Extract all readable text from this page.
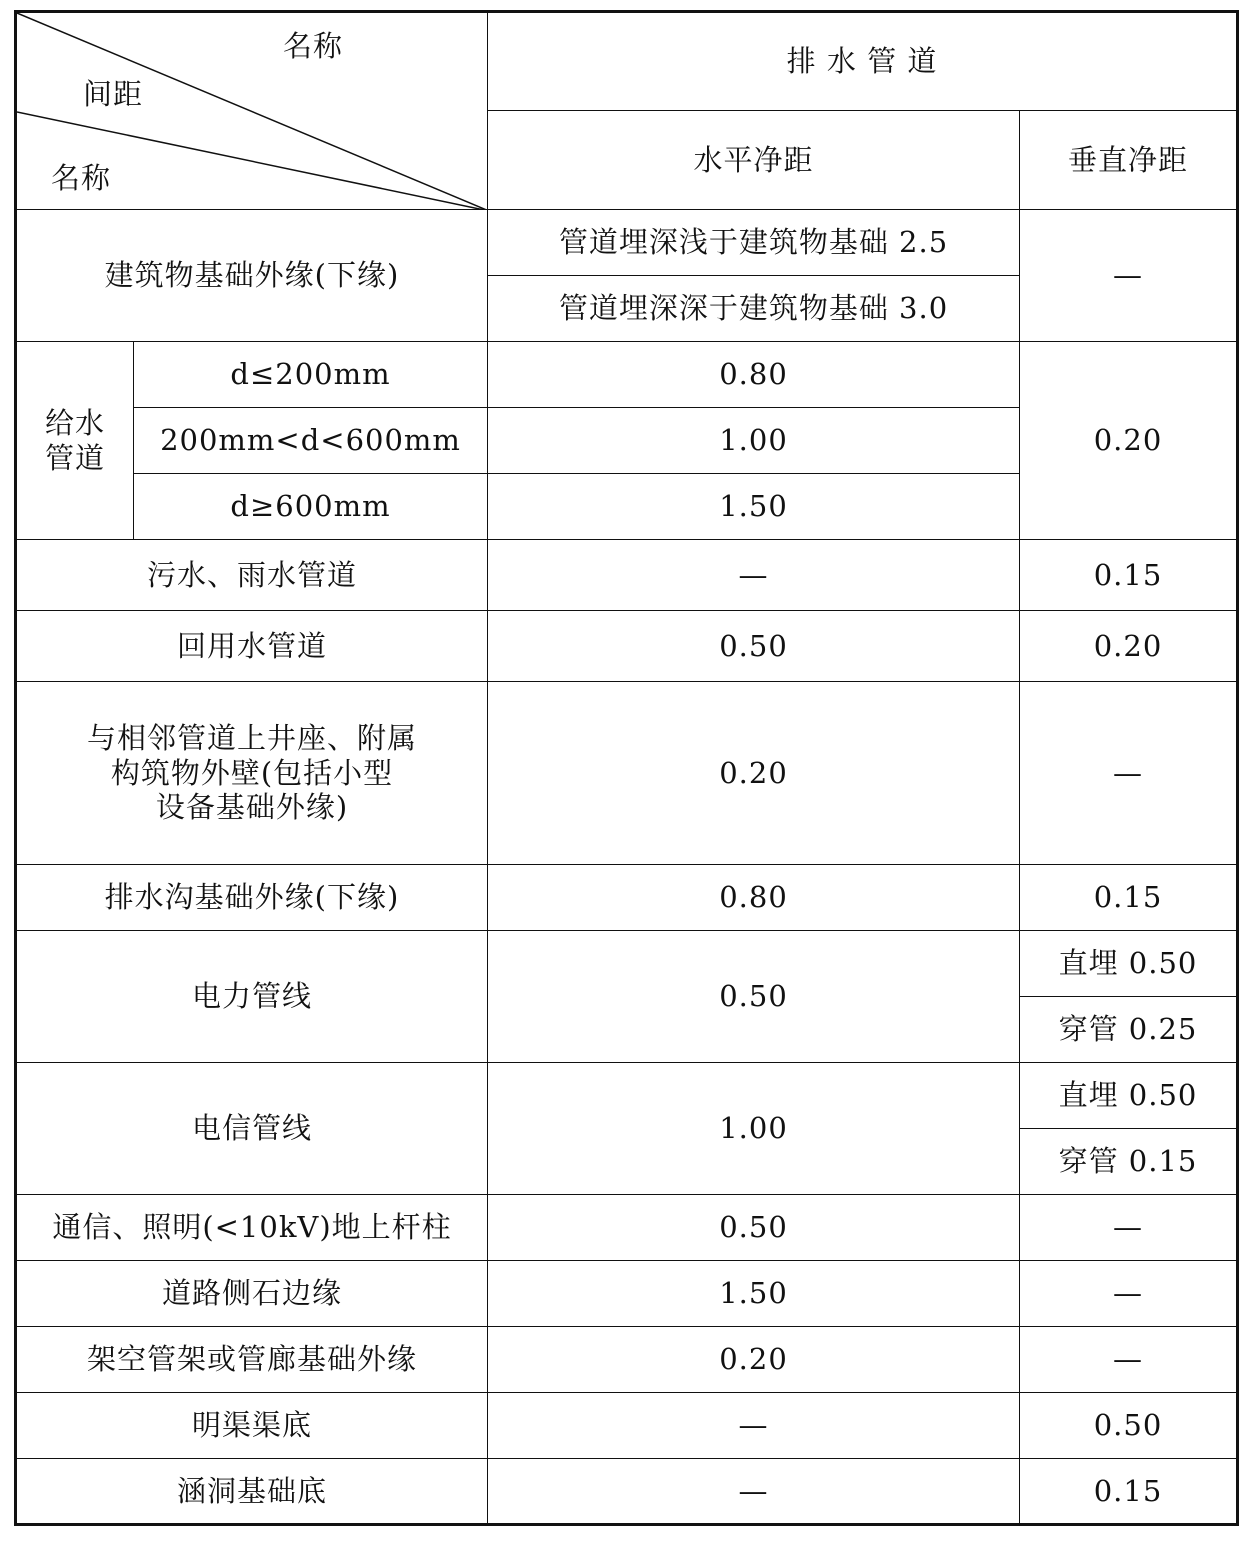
名称
间距
名称		排 水 管 道	
		水平净距	垂直净距
建筑物基础外缘(下缘)		管道埋深浅于建筑物基础 2.5	—
		管道埋深深于建筑物基础 3.0	
给水管道	d≤200mm	0.80	0.20
	200mm<d<600mm	1.00	
	d≥600mm	1.50	
污水、雨水管道		—	0.15
回用水管道		0.50	0.20

与相邻管道上井座、附属
构筑物外壁(包括小型
设备基础外缘)		0.20	—
排水沟基础外缘(下缘)		0.80	0.15
电力管线		0.50	直埋 0.50
			穿管 0.25
电信管线		1.00	直埋 0.50
			穿管 0.15
通信、照明(<10kV)地上杆柱		0.50	—
道路侧石边缘		1.50	—
架空管架或管廊基础外缘		0.20	—
明渠渠底		—	0.50
涵洞基础底		—	0.15
